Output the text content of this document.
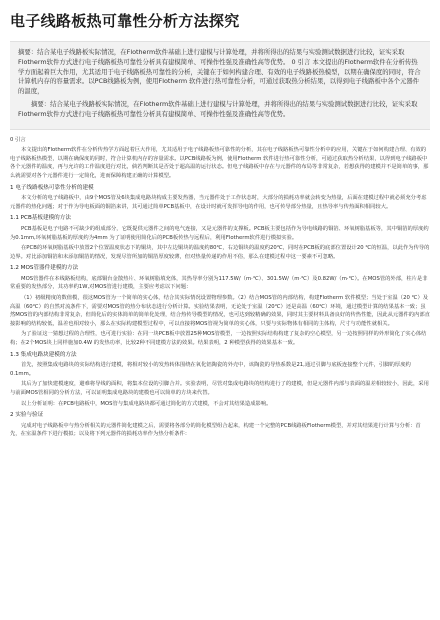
电子线路板热可靠性分析方法探究

摘要：结合某电子线路板实际情况，在Flotherm软件基础上进行建模与计算处理，并将所得出的结果与实验测试数据进行比较，证实采取Flotherm软件方式进行电子线路板热可靠性分析具有建模简单、可操作性强及准确性高等优势。 0 引言 本文提出的Flotherm软件在分析传热学方面起着巨大作用，尤其适用于电子线路板热可靠性的分析，关键在于如何构建合理、有效的电子线路板热模型，以期在确保度的同时，符合计算机内存的容量需求。以PCB线路板为例，使用Flotherm 软件进行热可靠性分析，可通过获取热分析结果，以得到电子线路板中各个元器件的温度，

摘要：结合某电子线路板实际情况，在Flotherm软件基础上进行建模与计算处理，并将所得出的结果与实验测试数据进行比较，证实采取Flotherm软件方式进行电子线路板热可靠性分析具有建模简单、可操作性强及准确性高等优势。

0 引言

本文提出的Flotherm软件在分析传热学方面起着巨大作用，尤其适用于电子线路板热可靠性的分析，其在电子线路板热可靠性分析中的应用，关键在于如何构建合理、有效的电子线路板热模型，以期在确保度的同时，符合计算机内存的容量需求。以PCB线路板为例，使用Flotherm 软件进行热可靠性分析，可通过获取热分析结果，以得到电子线路板中各个元器件的温度，再与允许的工作温度进行对比，倘若判断其是否处于超高温的运行状态。但电子线路板中存在与元器件的布局等非常复杂，若想获得的建模并不是简单的事，那么就需要对各个元器件进行一定简化，进而保障构建正确的计算模型。

1 电子线路板热可靠性分析的建模

本文分析的电子线路板中，由9个MOS管及6块集成电路块构成主要发热器，当元器件处于工作状态时，大部分的损耗功率就会转变为热量，后面在建模过程中就必须充分考虑元器件的热化问题；对于作为导电板面的铜箔来讲，其可通过简单PCB基板中，在设计时就可发挥导电的作用，也可传导部分热量，且热导率与传热面积相同较大。

1.1 PCB基板建模的方法

PCB基板是电子电路不可缺少的组成部分，它既提供元器件之间的电气连接，又是元器件的支撑板。PCB板主要包括作为导电线路的铜箔、环氧树脂基板等，其中铜箔的厚度约为0.1mm,环氧树脂基板的厚度约为4mm 为了证明使用简化后的PCB板传热与远程后，利用Flotherm软件进行模拟实验。

在PCB的环氧树脂基板中放置2个位置温度状态下的铜块，其中左边铜块的温度约80℃，右边铜块的温度约20℃，同时在PCB板的底部位置设计20 ℃的恒温，以此作为传导的边界。对比添加铜箔和未添加铜箔的情况，发现尽管所加的铜箔厚度较薄，但对热量传递的作用不俗，那么在建模过程中这一要素不可忽略。

1.2 MOS管器件建模的方法

MOS管器件在本线路板结构，底部铜台金散热片、环氧树脂填充体，其热导率分别为117.5W/（m·℃）、301.5W/（m·℃）及0.82W/（m·℃）。在MOS管的外部，柱片是非常重要的发热部分，其功率约1W,对MOS管进行建模，主要应考虑以下问题：

（1）初级精度的数值模，很这MOS管为一个简单的实心体，结合其实际情况设置物理参数。（2）结合MOS管的内部结构，构建Flotherm 软件模型；当处于室温（20 ℃）及高温（60℃）的自然对流条件下，需要对MOS管的热分布状态进行分析计算。实验结果表明，无论处于室温（20℃）还是高温（60℃）环境，通过模型计算的结果基本一致；虽然MOS管的内部结构非常复杂，但简化后的实体简单的简单化处理，结合热传导模型的情况，也可达到较精确的效果，同时其主要材料具备良好的传热性能，因此从元器件的内部直接影响的结构较低，温差也相对较小，那么在实际构建模型过程中，可以直接将MOS管视为简单的实心体，只要与实际物体有相同的主体构，尺寸与功能性就相关。

为了验证这一猜想过程的合理性，也可进行实验：在同一块PCB板中放置25种MOS管模型，一边按照实际结构构建了复杂的空心模型，另一边按照同样的外形简化了实心体结构；在2个MOS块上同样施加0.4W 的发热功率，比较2种不同建模方法的效果。结果表明，2 种模型获得的效果基本一致。

1.3 集成电路块建模的方法

首先，按照集成电路块的实际结构进行建模，将相对较小的发热转体围绕在氧化铝陶瓷的外壳中，该陶瓷的导热系数是21,通过引脚与底板连接整个元件，引脚的厚度约0.1mm。

其后为了加快建模速度，避难将导线的面积，将集本位设的引脚合并。实验表明，尽管对集成电路块的结构进行了的建模，但是元器件内部与表面的温差相较较小，因此，采用与前面MOS管相同的分析方法，可以证明集成电路块的建模也可以简单的方块来代替。

以上分析证明：在PCB电路板中，MOS管与集成电路块都可通过简化的方式建模，不会对其结果造成影响。

2 实验与验证

完成对电子线路板中与热分析相关的元器件简化建模之后，需要将各部分的简化模型组合起来，构建一个完整的PCB线路板Flotherm模型，并对其结果进行计算与分析：首先，在室温条件下进行模拟；以及将下列元器件的损耗功率作为热分析条件：
